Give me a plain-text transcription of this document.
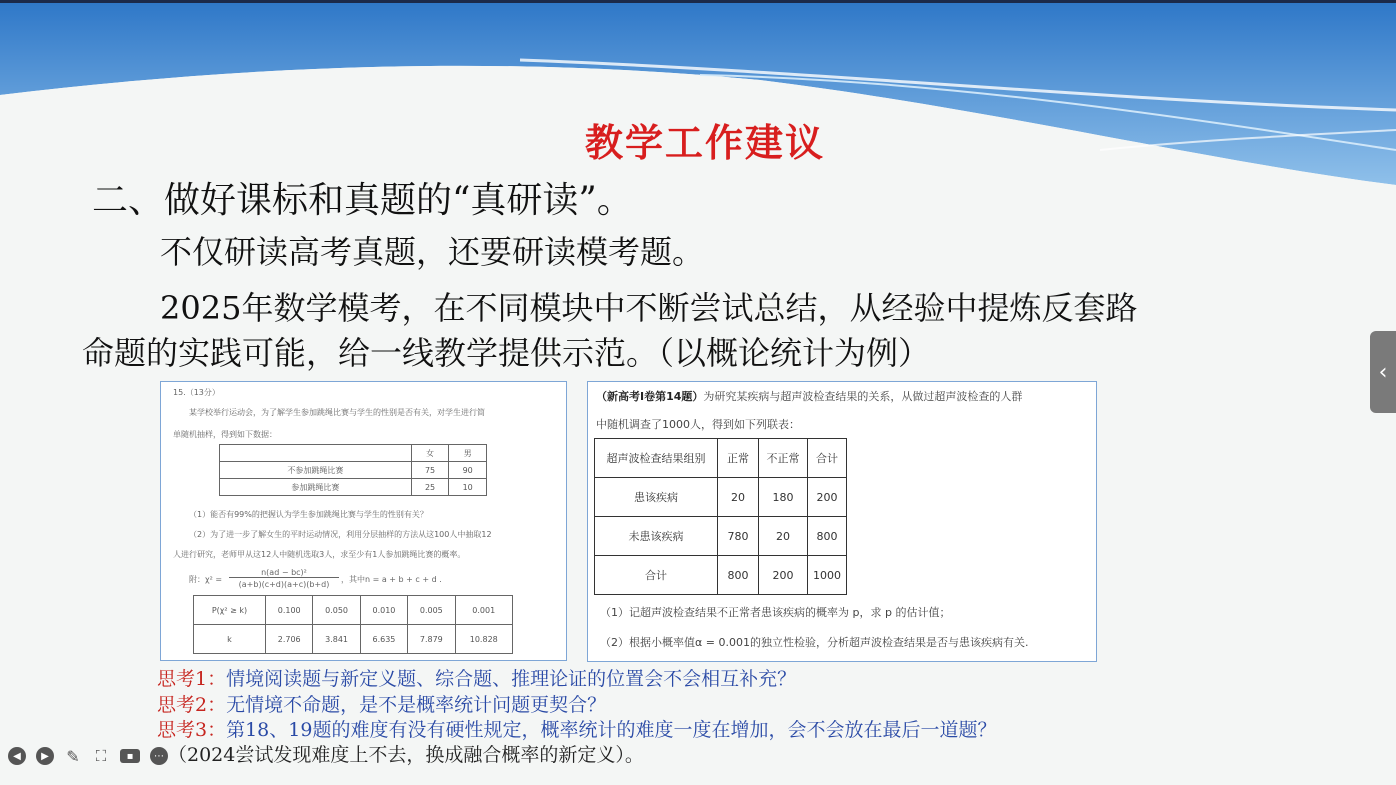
教学工作建议
二、做好课标和真题的“真研读”。
不仅研读高考真题，还要研读模考题。
2025年数学模考，在不同模块中不断尝试总结，从经验中提炼反套路
命题的实践可能，给一线教学提供示范。（以概论统计为例）
15.（13分）
某学校举行运动会，为了解学生参加跳绳比赛与学生的性别是否有关，对学生进行简
单随机抽样，得到如下数据：
	女	男
不参加跳绳比赛	75	90
参加跳绳比赛	25	10
（1）能否有99%的把握认为学生参加跳绳比赛与学生的性别有关？
（2）为了进一步了解女生的平时运动情况，利用分层抽样的方法从这100人中抽取12
人进行研究，老师甲从这12人中随机选取3人，求至少有1人参加跳绳比赛的概率。
附：χ² =
n(ad − bc)²
(a+b)(c+d)(a+c)(b+d)
，其中n = a + b + c + d .
P(χ² ≥ k)	0.100	0.050	0.010	0.005	0.001
k	2.706	3.841	6.635	7.879	10.828
（新高考I卷第14题）为研究某疾病与超声波检查结果的关系，从做过超声波检查的人群
中随机调查了1000人，得到如下列联表：
超声波检查结果组别	正常	不正常	合计
患该疾病	20	180	200
未患该疾病	780	20	800
合计	800	200	1000
（1）记超声波检查结果不正常者患该疾病的概率为 p，求 p 的估计值；
（2）根据小概率值α = 0.001的独立性检验，分析超声波检查结果是否与患该疾病有关.
思考1：情境阅读题与新定义题、综合题、推理论证的位置会不会相互补充？
思考2：无情境不命题，是不是概率统计问题更契合？
思考3：第18、19题的难度有没有硬性规定，概率统计的难度一度在增加，会不会放在最后一道题？
（2024尝试发现难度上不去，换成融合概率的新定义）。
◀	▶	✎ ⛶	▪	⋯
‹
